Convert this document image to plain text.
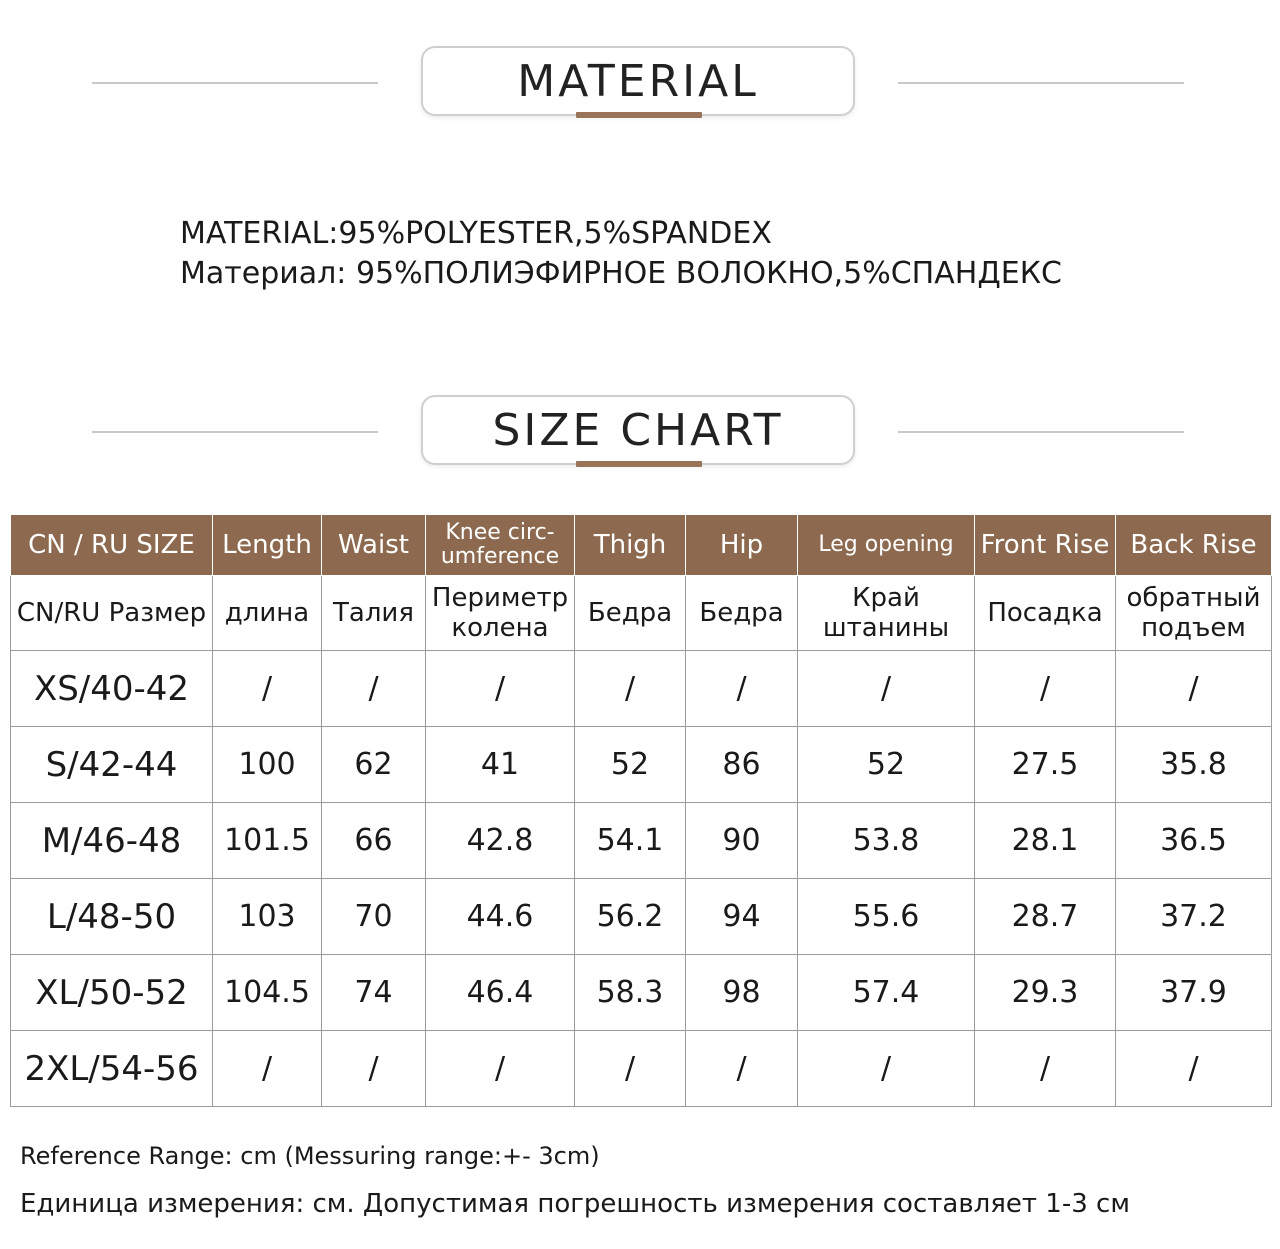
MATERIAL
MATERIAL:95%POLYESTER,5%SPANDEX
Материал: 95%ПОЛИЭФИРНОЕ ВОЛОКНО,5%СПАНДЕКС
SIZE CHART
CN / RU SIZE	Length	Waist	Knee circ-umference	Thigh	Hip	Leg opening	Front Rise	Back Rise
CN/RU Размер	длина	Талия	Периметр колена	Бедра	Бедра	Край штанины	Посадка	обратный подъем
XS/40-42	/	/	/	/	/	/	/	/
S/42-44	100	62	41	52	86	52	27.5	35.8
M/46-48	101.5	66	42.8	54.1	90	53.8	28.1	36.5
L/48-50	103	70	44.6	56.2	94	55.6	28.7	37.2
XL/50-52	104.5	74	46.4	58.3	98	57.4	29.3	37.9
2XL/54-56	/	/	/	/	/	/	/	/
Reference Range: cm (Messuring range:+- 3cm)
Единица измерения: см. Допустимая погрешность измерения составляет 1-3 см
